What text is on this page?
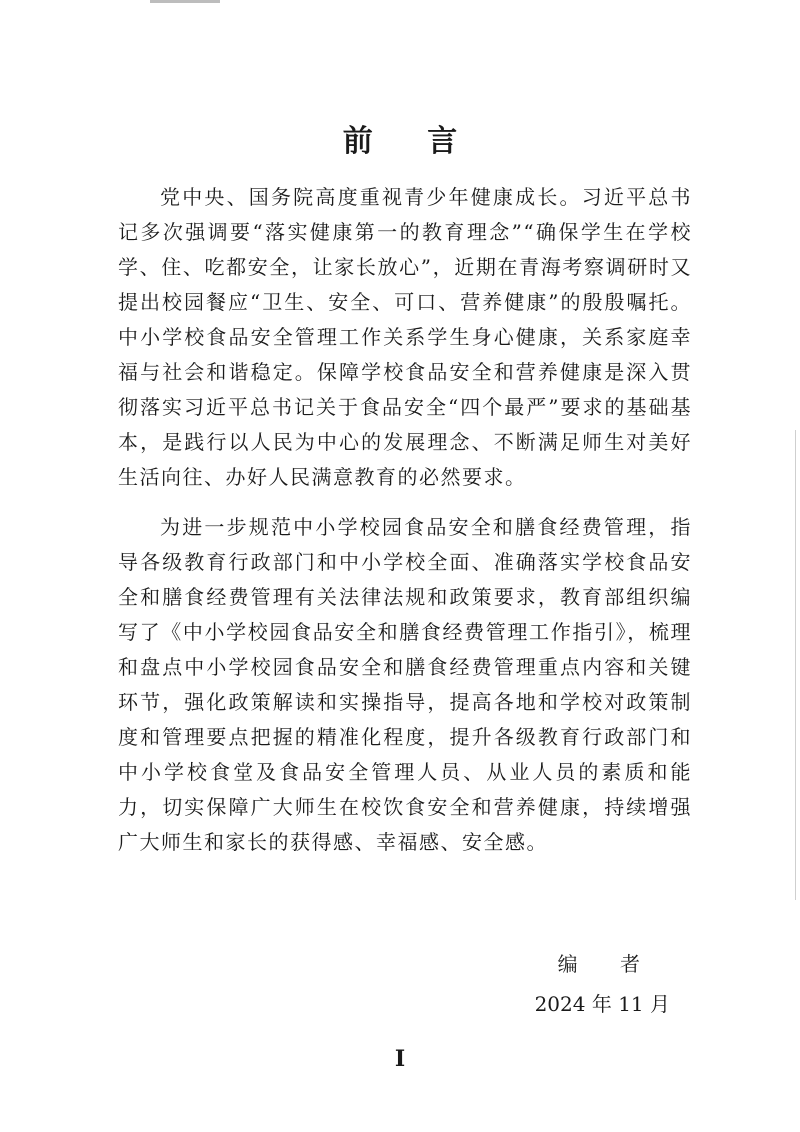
前 言

党中央、国务院高度重视青少年健康成长。习近平总书记多次强调要“落实健康第一的教育理念”“确保学生在学校学、住、吃都安全，让家长放心”，近期在青海考察调研时又提出校园餐应“卫生、安全、可口、营养健康”的殷殷嘱托。中小学校食品安全管理工作关系学生身心健康，关系家庭幸福与社会和谐稳定。保障学校食品安全和营养健康是深入贯彻落实习近平总书记关于食品安全“四个最严”要求的基础基本，是践行以人民为中心的发展理念、不断满足师生对美好生活向往、办好人民满意教育的必然要求。

为进一步规范中小学校园食品安全和膳食经费管理，指导各级教育行政部门和中小学校全面、准确落实学校食品安全和膳食经费管理有关法律法规和政策要求，教育部组织编写了《中小学校园食品安全和膳食经费管理工作指引》，梳理和盘点中小学校园食品安全和膳食经费管理重点内容和关键环节，强化政策解读和实操指导，提高各地和学校对政策制度和管理要点把握的精准化程度，提升各级教育行政部门和中小学校食堂及食品安全管理人员、从业人员的素质和能力，切实保障广大师生在校饮食安全和营养健康，持续增强广大师生和家长的获得感、幸福感、安全感。

编 者
2024 年 11 月
I
